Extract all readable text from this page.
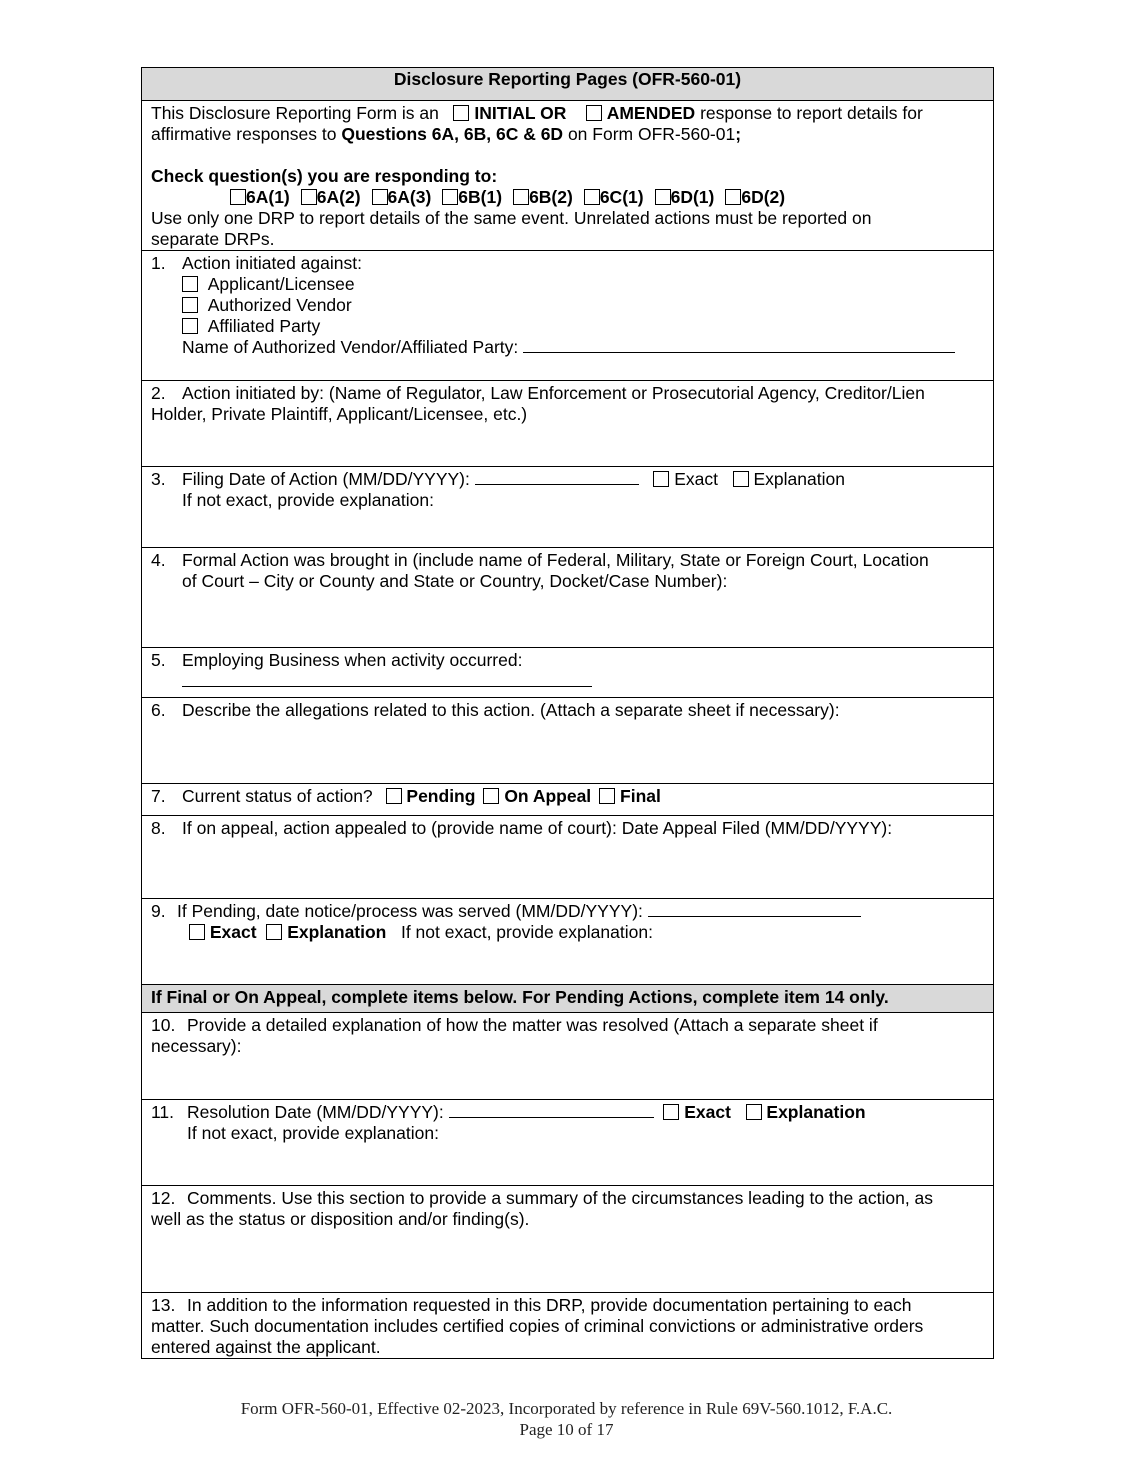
Disclosure Reporting Pages (OFR-560-01)
This Disclosure Reporting Form is an INITIAL OR AMENDED response to report details for
affirmative responses to Questions 6A, 6B, 6C & 6D on Form OFR-560-01;
Check question(s) you are responding to:
6A(1) 6A(2) 6A(3) 6B(1) 6B(2) 6C(1) 6D(1) 6D(2)
Use only one DRP to report details of the same event. Unrelated actions must be reported on
separate DRPs.
1. Action initiated against:
Applicant/Licensee
Authorized Vendor
Affiliated Party
Name of Authorized Vendor/Affiliated Party:
2. Action initiated by: (Name of Regulator, Law Enforcement or Prosecutorial Agency, Creditor/Lien
Holder, Private Plaintiff, Applicant/Licensee, etc.)
3. Filing Date of Action (MM/DD/YYYY):	Exact Explanation
If not exact, provide explanation:
4. Formal Action was brought in (include name of Federal, Military, State or Foreign Court, Location
of Court – City or County and State or Country, Docket/Case Number):
5. Employing Business when activity occurred:
6. Describe the allegations related to this action. (Attach a separate sheet if necessary):
7. Current status of action? Pending On Appeal Final
8. If on appeal, action appealed to (provide name of court): Date Appeal Filed (MM/DD/YYYY):
9. If Pending, date notice/process was served (MM/DD/YYYY):
Exact Explanation If not exact, provide explanation:
If Final or On Appeal, complete items below. For Pending Actions, complete item 14 only.
10. Provide a detailed explanation of how the matter was resolved (Attach a separate sheet if
necessary):
11. Resolution Date (MM/DD/YYYY):	Exact Explanation
If not exact, provide explanation:
12. Comments. Use this section to provide a summary of the circumstances leading to the action, as
well as the status or disposition and/or finding(s).
13. In addition to the information requested in this DRP, provide documentation pertaining to each
matter. Such documentation includes certified copies of criminal convictions or administrative orders
entered against the applicant.
Form OFR-560-01, Effective 02-2023, Incorporated by reference in Rule 69V-560.1012, F.A.C.
Page 10 of 17
